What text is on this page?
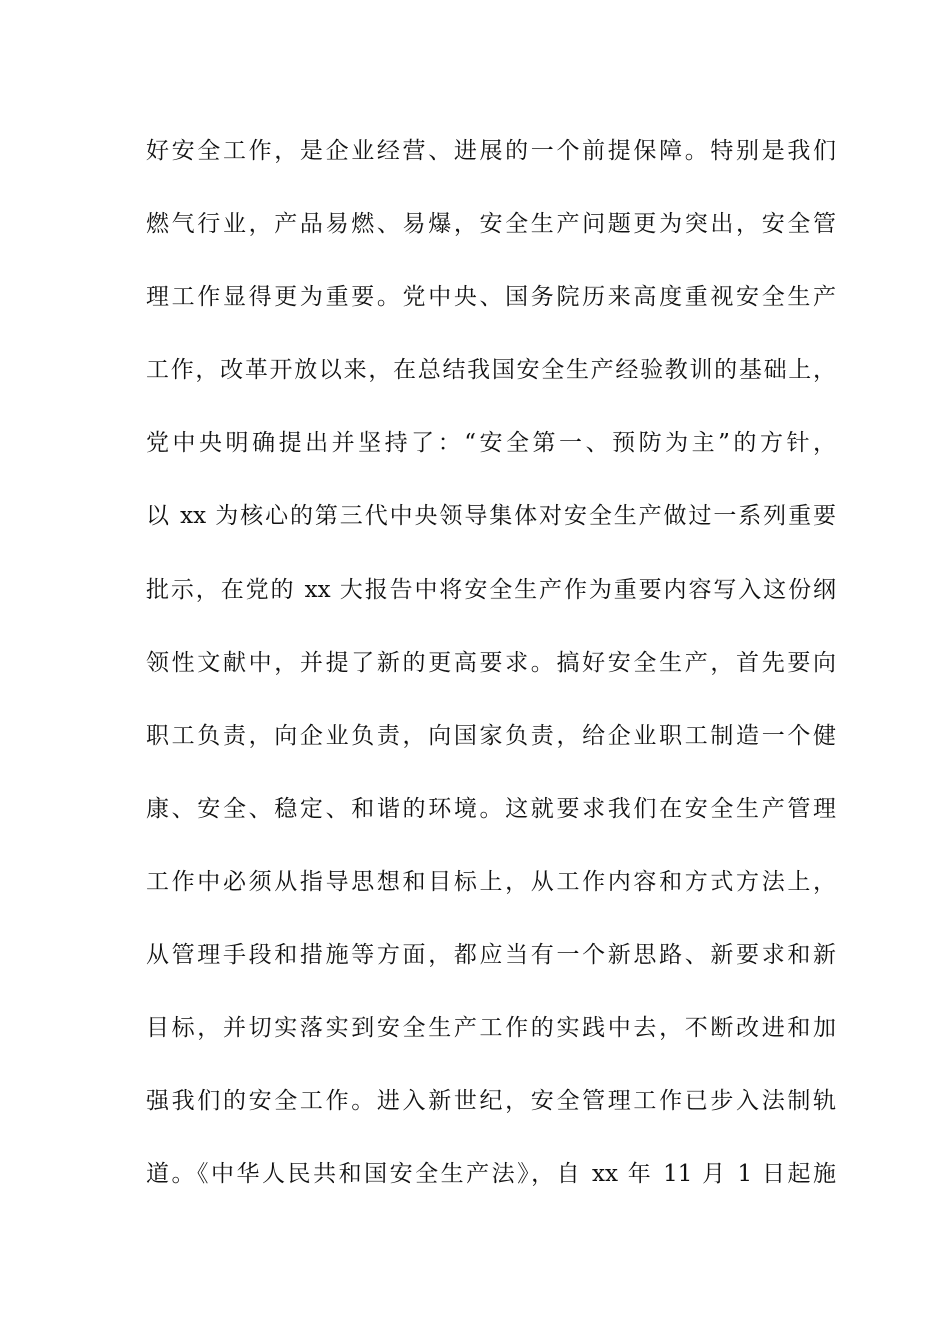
好安全工作，是企业经营、进展的一个前提保障。特别是我们
燃气行业，产品易燃、易爆，安全生产问题更为突出，安全管
理工作显得更为重要。党中央、国务院历来高度重视安全生产
工作，改革开放以来，在总结我国安全生产经验教训的基础上，
党中央明确提出并坚持了：“安全第一、预防为主”的方针，
以 xx 为核心的第三代中央领导集体对安全生产做过一系列重要
批示，在党的 xx 大报告中将安全生产作为重要内容写入这份纲
领性文献中，并提了新的更高要求。搞好安全生产，首先要向
职工负责，向企业负责，向国家负责，给企业职工制造一个健
康、安全、稳定、和谐的环境。这就要求我们在安全生产管理
工作中必须从指导思想和目标上，从工作内容和方式方法上，
从管理手段和措施等方面，都应当有一个新思路、新要求和新
目标，并切实落实到安全生产工作的实践中去，不断改进和加
强我们的安全工作。进入新世纪，安全管理工作已步入法制轨
道。《中华人民共和国安全生产法》，自 xx 年 11 月 1 日起施
